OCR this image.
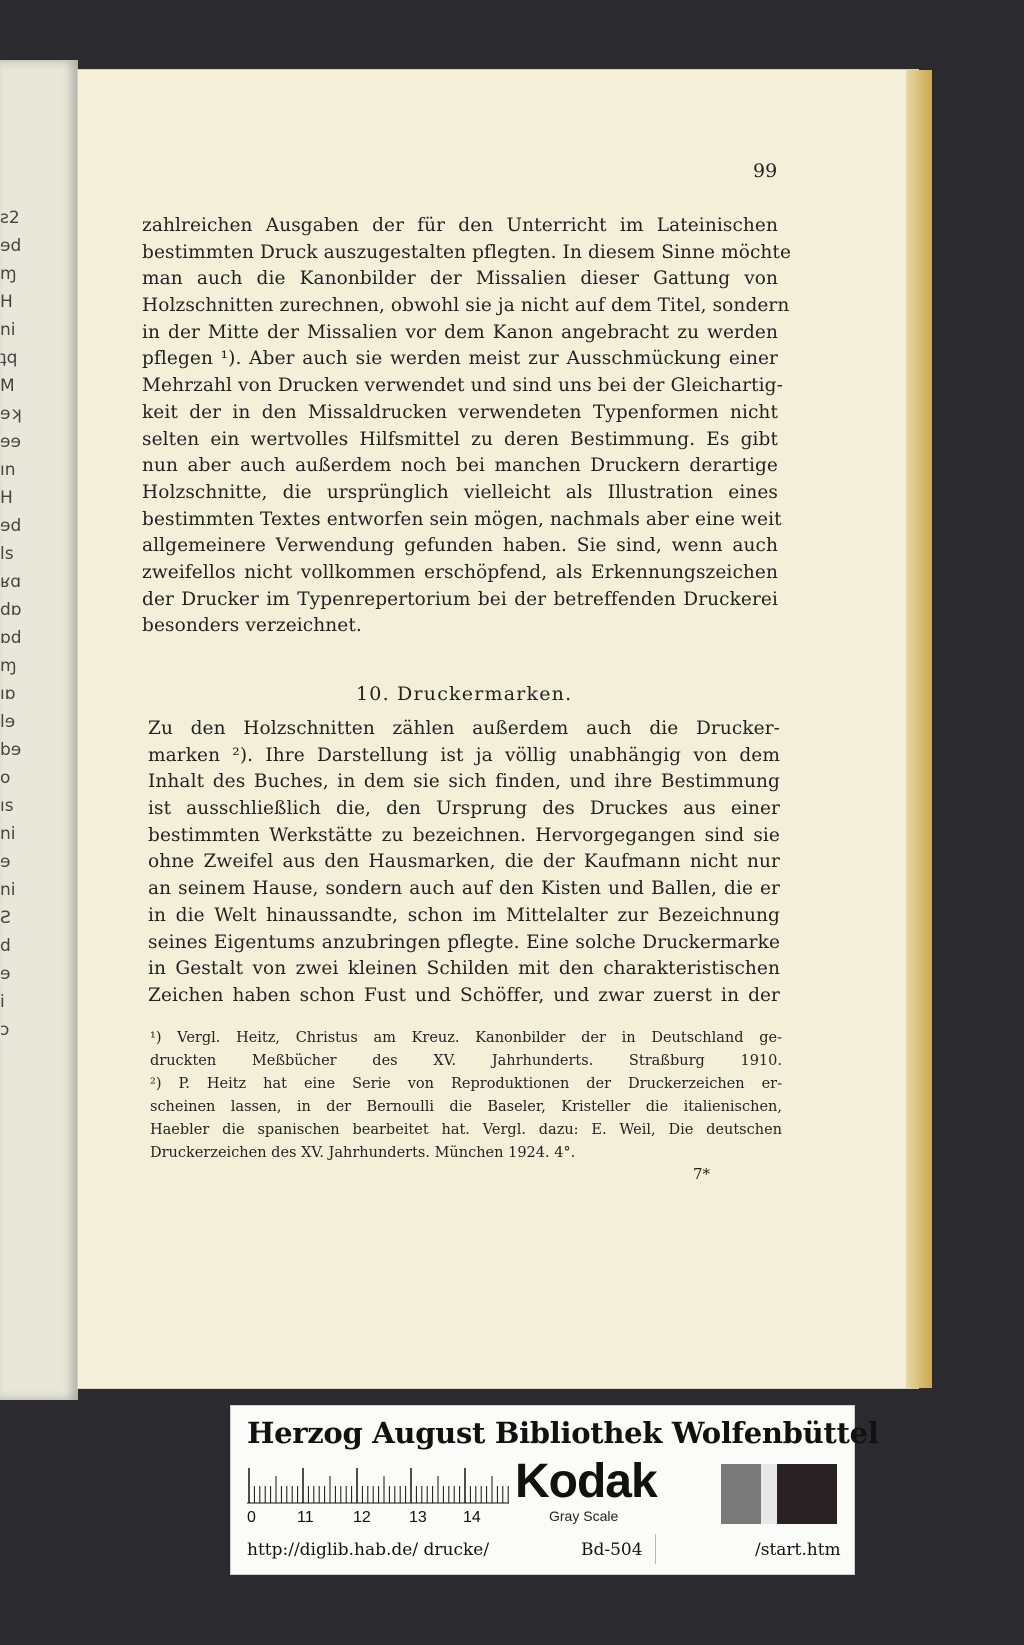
ꙅ2
ɘd
ɱ
H
ni
ʇq
M
ɘʞ
ɘɘ
ın
H
ɘd
ls
ʁɑ
dɒ
ɒd
ɱ
ıɒ
lɘ
bɘ
o
ıs
ni
ɘ
ni
Ꙅ
d
ɘ
i
ɔ
99
zahlreichen Ausgaben der für den Unterricht im Lateinischen
bestimmten Druck auszugestalten pflegten. In diesem Sinne möchte
man auch die Kanonbilder der Missalien dieser Gattung von
Holzschnitten zurechnen, obwohl sie ja nicht auf dem Titel, sondern
in der Mitte der Missalien vor dem Kanon angebracht zu werden
pflegen ¹). Aber auch sie werden meist zur Ausschmückung einer
Mehrzahl von Drucken verwendet und sind uns bei der Gleichartig-
keit der in den Missaldrucken verwendeten Typenformen nicht
selten ein wertvolles Hilfsmittel zu deren Bestimmung. Es gibt
nun aber auch außerdem noch bei manchen Druckern derartige
Holzschnitte, die ursprünglich vielleicht als Illustration eines
bestimmten Textes entworfen sein mögen, nachmals aber eine weit
allgemeinere Verwendung gefunden haben. Sie sind, wenn auch
zweifellos nicht vollkommen erschöpfend, als Erkennungszeichen
der Drucker im Typenrepertorium bei der betreffenden Druckerei
besonders verzeichnet.
10. Druckermarken.
Zu den Holzschnitten zählen außerdem auch die Drucker-
marken ²). Ihre Darstellung ist ja völlig unabhängig von dem
Inhalt des Buches, in dem sie sich finden, und ihre Bestimmung
ist ausschließlich die, den Ursprung des Druckes aus einer
bestimmten Werkstätte zu bezeichnen. Hervorgegangen sind sie
ohne Zweifel aus den Hausmarken, die der Kaufmann nicht nur
an seinem Hause, sondern auch auf den Kisten und Ballen, die er
in die Welt hinaussandte, schon im Mittelalter zur Bezeichnung
seines Eigentums anzubringen pflegte. Eine solche Druckermarke
in Gestalt von zwei kleinen Schilden mit den charakteristischen
Zeichen haben schon Fust und Schöffer, und zwar zuerst in der
¹) Vergl. Heitz, Christus am Kreuz. Kanonbilder der in Deutschland ge-
druckten Meßbücher des XV. Jahrhunderts. Straßburg 1910.
²) P. Heitz hat eine Serie von Reproduktionen der Druckerzeichen er-
scheinen lassen, in der Bernoulli die Baseler, Kristeller die italienischen,
Haebler die spanischen bearbeitet hat. Vergl. dazu: E. Weil, Die deutschen
Druckerzeichen des XV. Jahrhunderts. München 1924. 4°.
7*
Herzog August Bibliothek Wolfenbüttel
0	11 12 13 14
Kodak
Gray Scale
http://diglib.hab.de/ drucke/	Bd-504	/start.htm
